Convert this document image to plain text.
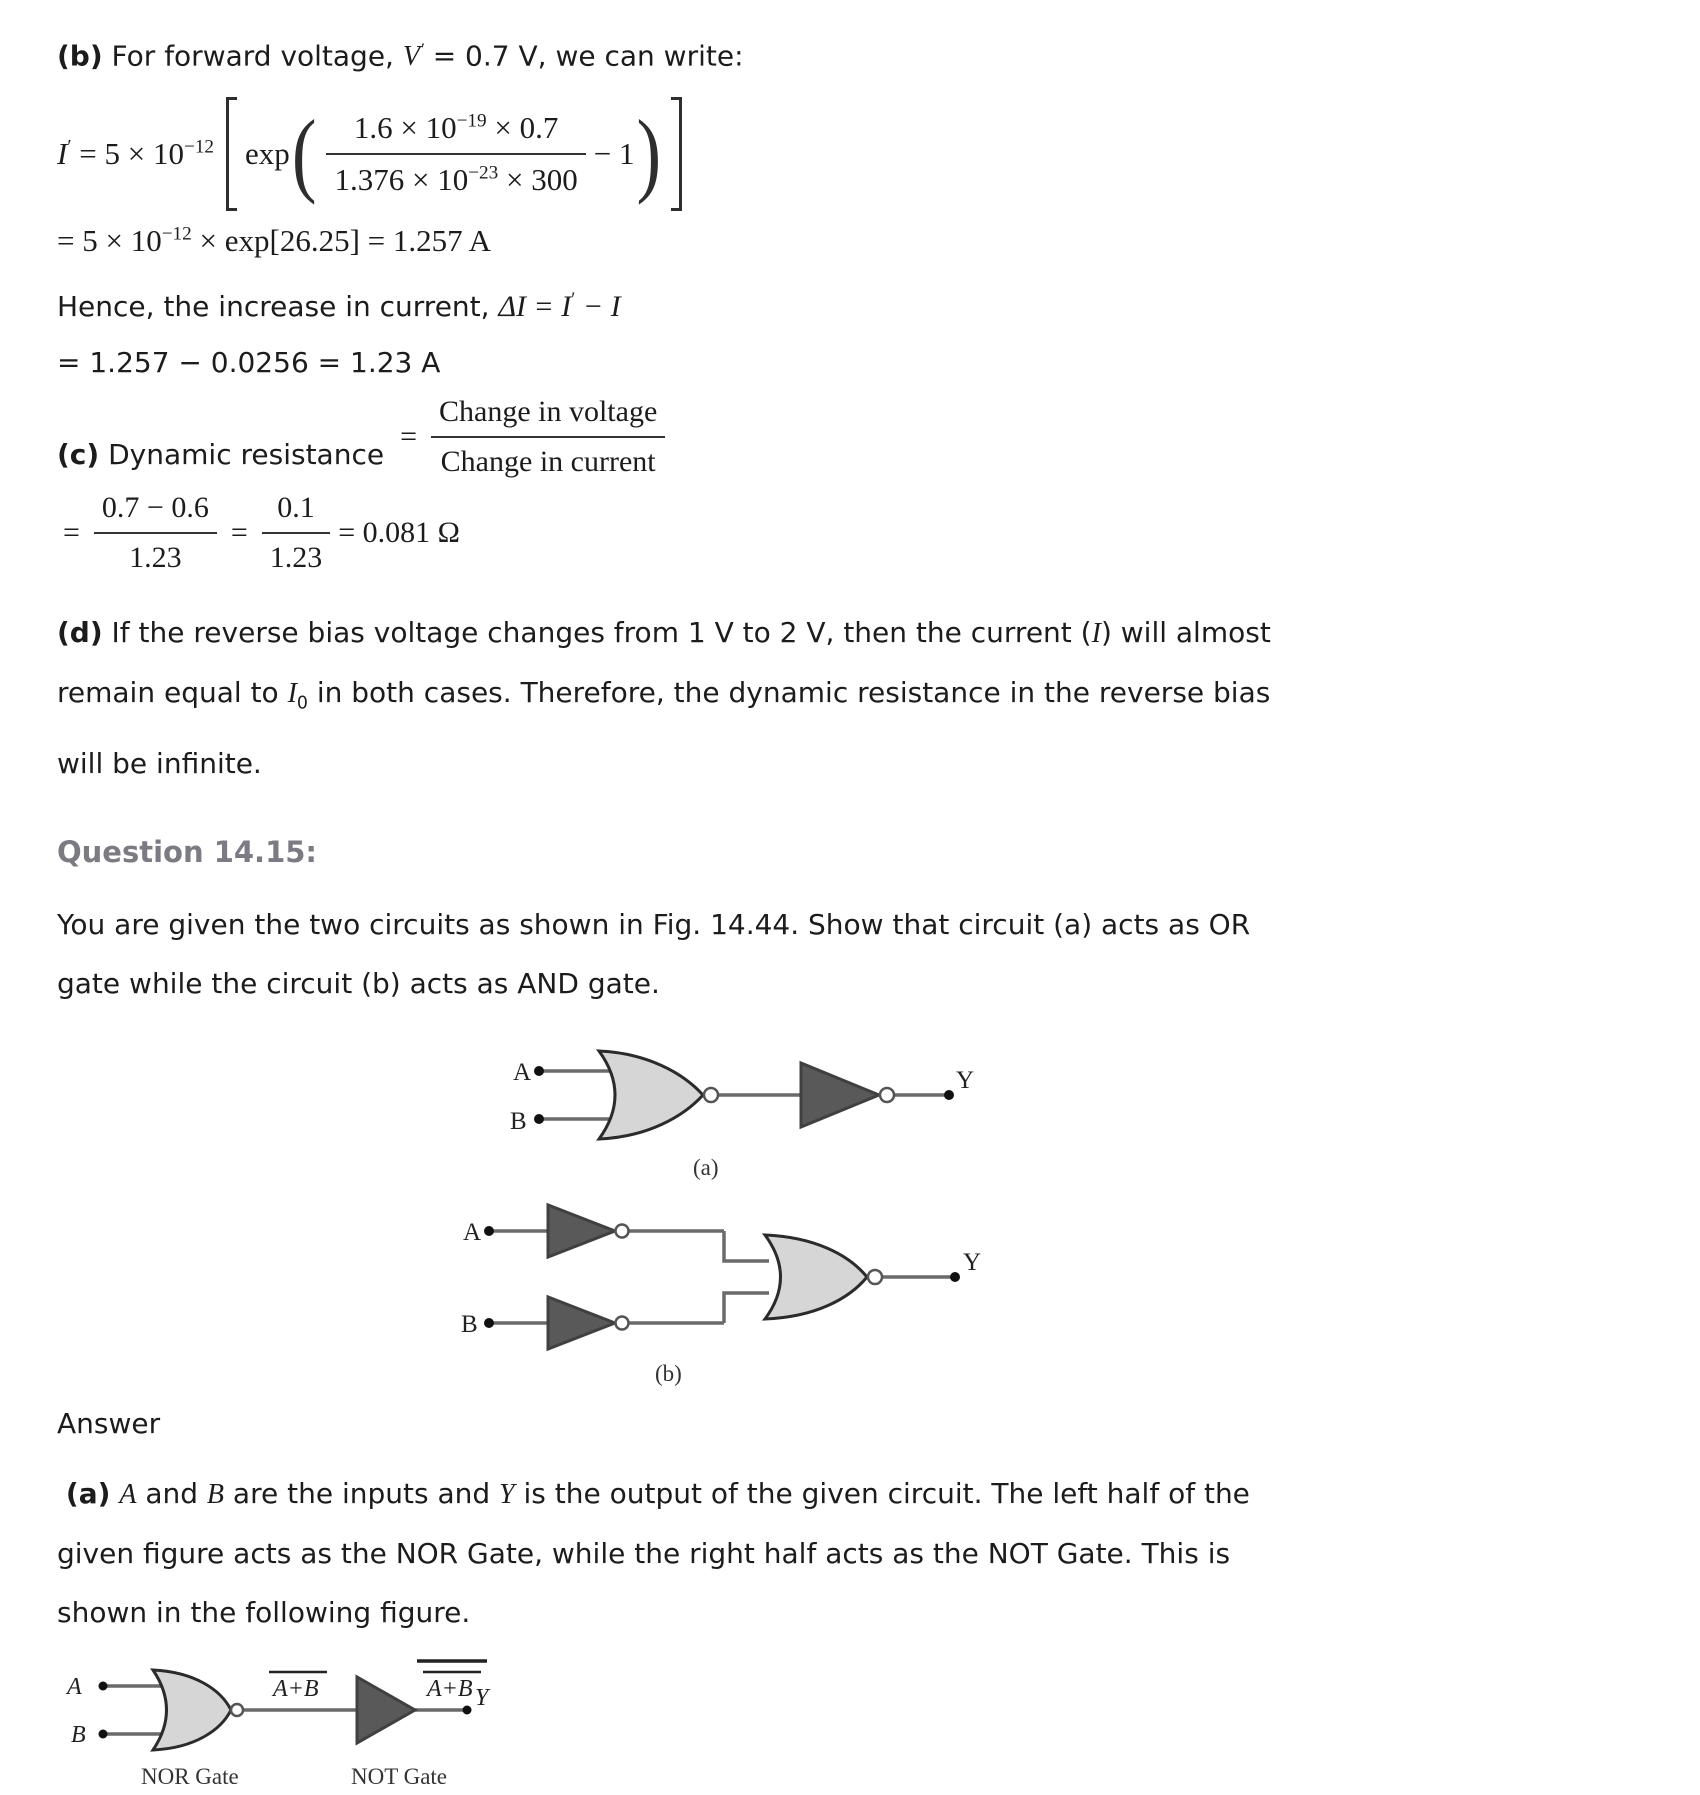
(b) For forward voltage, V′ = 0.7 V, we can write:
$I' = 5 \times 10^{-12}$ exp ( $\frac{1.6 \times 10^{-19} \times 0.7}{1.376 \times 10^{-23} \times 300} - 1$ )
= $5 \times 10^{-12} \times \exp[26.25] = 1.257$ A
Hence, the increase in current, ΔI = I′ − I
= 1.257 − 0.0256 = 1.23 A
(c) Dynamic resistance
= $\frac{\text{Change in voltage}}{\text{Change in current}}$
= $\frac{0.7 - 0.6}{1.23} = \frac{0.1}{1.23} = 0.081$ Ω
(d) If the reverse bias voltage changes from 1 V to 2 V, then the current (I) will almost
remain equal to $I_0$ in both cases. Therefore, the dynamic resistance in the reverse bias
will be infinite.
Question 14.15:
You are given the two circuits as shown in Fig. 14.44. Show that circuit (a) acts as OR
gate while the circuit (b) acts as AND gate.
A
B
Y
(a)
A
B
Y
(b)
Answer
(a) A and B are the inputs and Y is the output of the given circuit. The left half of the
given figure acts as the NOR Gate, while the right half acts as the NOT Gate. This is
shown in the following figure.
A
B
A+B	A+B Y
NOR Gate	NOT Gate
